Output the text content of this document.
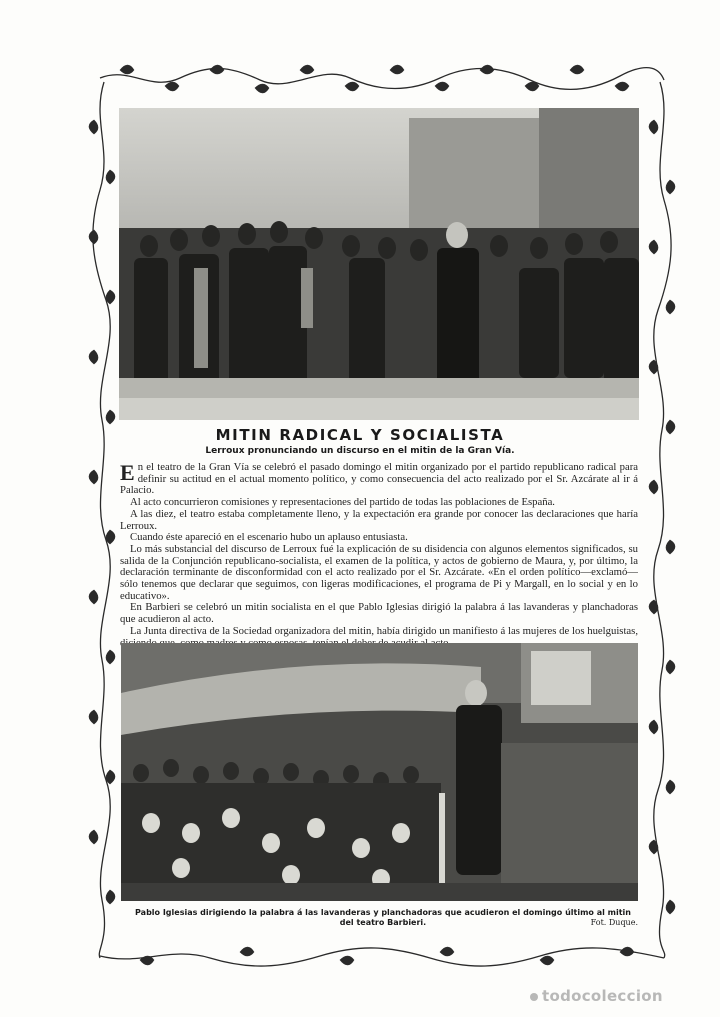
MITIN RADICAL Y SOCIALISTA
Lerroux pronunciando un discurso en el mitin de la Gran Vía.

En el teatro de la Gran Vía se celebró el pasado domingo el mitin organizado por el partido republicano radical para definir su actitud en el actual momento político, y como consecuencia del acto realizado por el Sr. Azcárate al ir á Palacio.

Al acto concurrieron comisiones y representaciones del partido de todas las poblaciones de España.

A las diez, el teatro estaba completamente lleno, y la expectación era grande por conocer las declaraciones que haría Lerroux.

Cuando éste apareció en el escenario hubo un aplauso entusiasta.

Lo más substancial del discurso de Lerroux fué la explicación de su disidencia con algunos elementos significados, su salida de la Conjunción republicano-socialista, el examen de la política, y actos de gobierno de Maura, y, por último, la declaración terminante de disconformidad con el acto realizado por el Sr. Azcárate. «En el orden político—exclamó—sólo tenemos que declarar que seguimos, con ligeras modificaciones, el programa de Pi y Margall, en lo social y en lo educativo».

En Barbieri se celebró un mitin socialista en el que Pablo Iglesias dirigió la palabra á las lavanderas y planchadoras que acudieron al acto.

La Junta directiva de la Sociedad organizadora del mitin, había dirigido un manifiesto á las mujeres de los huelguistas,

Pablo Iglesias dirigiendo la palabra á las lavanderas y planchadoras que acudieron el domingo último al mitin del teatro Barbieri.	Fot. Duque.

todocoleccion
